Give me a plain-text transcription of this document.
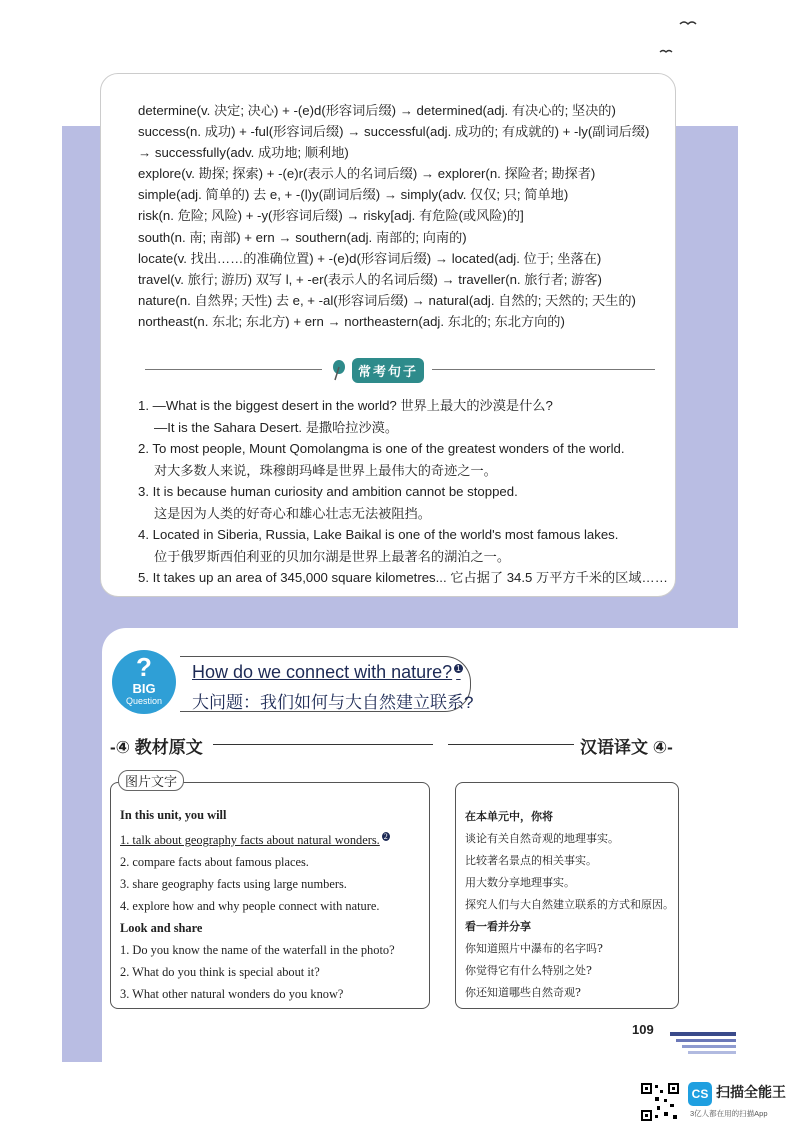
determine(v. 决定; 决心) + -(e)d(形容词后缀) → determined(adj. 有决心的; 坚决的)
success(n. 成功) + -ful(形容词后缀) → successful(adj. 成功的; 有成就的) + -ly(副词后缀)
→ successfully(adv. 成功地; 顺利地)
explore(v. 勘探; 探索) + -(e)r(表示人的名词后缀) → explorer(n. 探险者; 勘探者)
simple(adj. 简单的) 去 e, + -(l)y(副词后缀) → simply(adv. 仅仅; 只; 简单地)
risk(n. 危险; 风险) + -y(形容词后缀) → risky[adj. 有危险(或风险)的]
south(n. 南; 南部) + ern → southern(adj. 南部的; 向南的)
locate(v. 找出……的准确位置) + -(e)d(形容词后缀) → located(adj. 位于; 坐落在)
travel(v. 旅行; 游历) 双写 l, + -er(表示人的名词后缀) → traveller(n. 旅行者; 游客)
nature(n. 自然界; 天性) 去 e, + -al(形容词后缀) → natural(adj. 自然的; 天然的; 天生的)
northeast(n. 东北; 东北方) + ern → northeastern(adj. 东北的; 东北方向的)
常考句子
1. —What is the biggest desert in the world? 世界上最大的沙漠是什么?
—It is the Sahara Desert. 是撒哈拉沙漠。
2. To most people, Mount Qomolangma is one of the greatest wonders of the world.
对大多数人来说，珠穆朗玛峰是世界上最伟大的奇迹之一。
3. It is because human curiosity and ambition cannot be stopped.
这是因为人类的好奇心和雄心壮志无法被阻挡。
4. Located in Siberia, Russia, Lake Baikal is one of the world's most famous lakes.
位于俄罗斯西伯利亚的贝加尔湖是世界上最著名的湖泊之一。
5. It takes up an area of 345,000 square kilometres... 它占据了 34.5 万平方千米的区域……
?
BIG
Question
How do we connect with nature? $^1$
大问题：我们如何与大自然建立联系?
-④ 教材原文	汉语译文 ④-
图片文字
In this unit, you will
1. talk about geography facts about natural wonders. $^2$
2. compare facts about famous places.
3. share geography facts using large numbers.
4. explore how and why people connect with nature.
Look and share
1. Do you know the name of the waterfall in the photo?
2. What do you think is special about it?
3. What other natural wonders do you know?
在本单元中，你将
谈论有关自然奇观的地理事实。
比较著名景点的相关事实。
用大数分享地理事实。
探究人们与大自然建立联系的方式和原因。
看一看并分享
你知道照片中瀑布的名字吗?
你觉得它有什么特别之处?
你还知道哪些自然奇观?
109
CS 扫描全能王
3亿人都在用的扫描App
